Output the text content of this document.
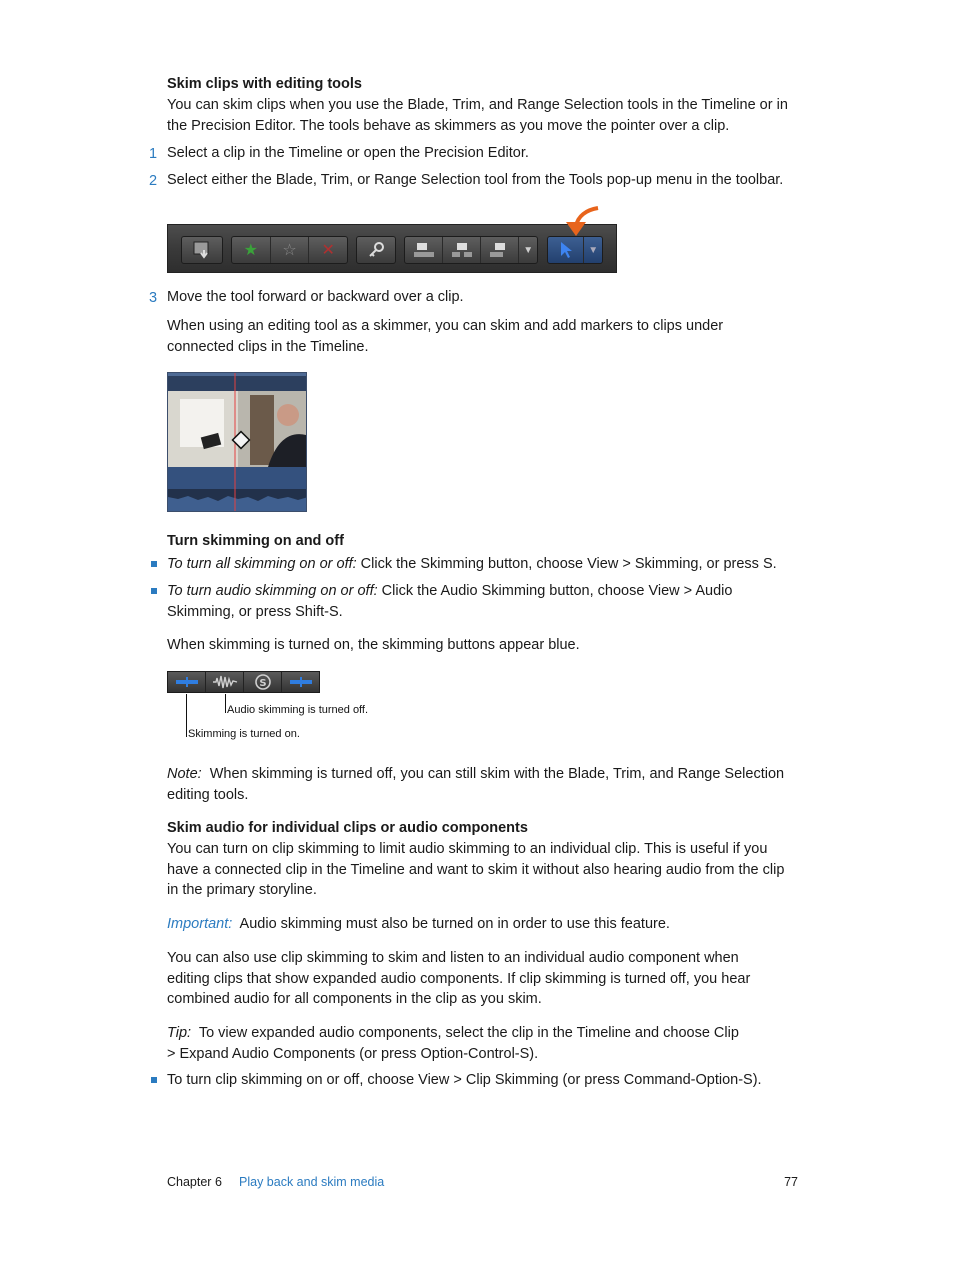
Skim clips with editing tools
You can skim clips when you use the Blade, Trim, and Range Selection tools in the Timeline or in the Precision Editor. The tools behave as skimmers as you move the pointer over a clip.
1 Select a clip in the Timeline or open the Precision Editor.
2 Select either the Blade, Trim, or Range Selection tool from the Tools pop-up menu in the toolbar.
★	☆	✕	▼	▼
3 Move the tool forward or backward over a clip.
When using an editing tool as a skimmer, you can skim and add markers to clips under connected clips in the Timeline.
Turn skimming on and off
To turn all skimming on or off: Click the Skimming button, choose View > Skimming, or press S.
To turn audio skimming on or off: Click the Audio Skimming button, choose View > Audio Skimming, or press Shift-S.
When skimming is turned on, the skimming buttons appear blue.
S
Audio skimming is turned off.
Skimming is turned on.
Note: When skimming is turned off, you can still skim with the Blade, Trim, and Range Selection editing tools.
Skim audio for individual clips or audio components
You can turn on clip skimming to limit audio skimming to an individual clip. This is useful if you have a connected clip in the Timeline and want to skim it without also hearing audio from the clip in the primary storyline.
Important: Audio skimming must also be turned on in order to use this feature.
You can also use clip skimming to skim and listen to an individual audio component when editing clips that show expanded audio components. If clip skimming is turned off, you hear combined audio for all components in the clip as you skim.
Tip: To view expanded audio components, select the clip in the Timeline and choose Clip > Expand Audio Components (or press Option-Control-S).
To turn clip skimming on or off, choose View > Clip Skimming (or press Command-Option-S).
Chapter 6 Play back and skim media	77
